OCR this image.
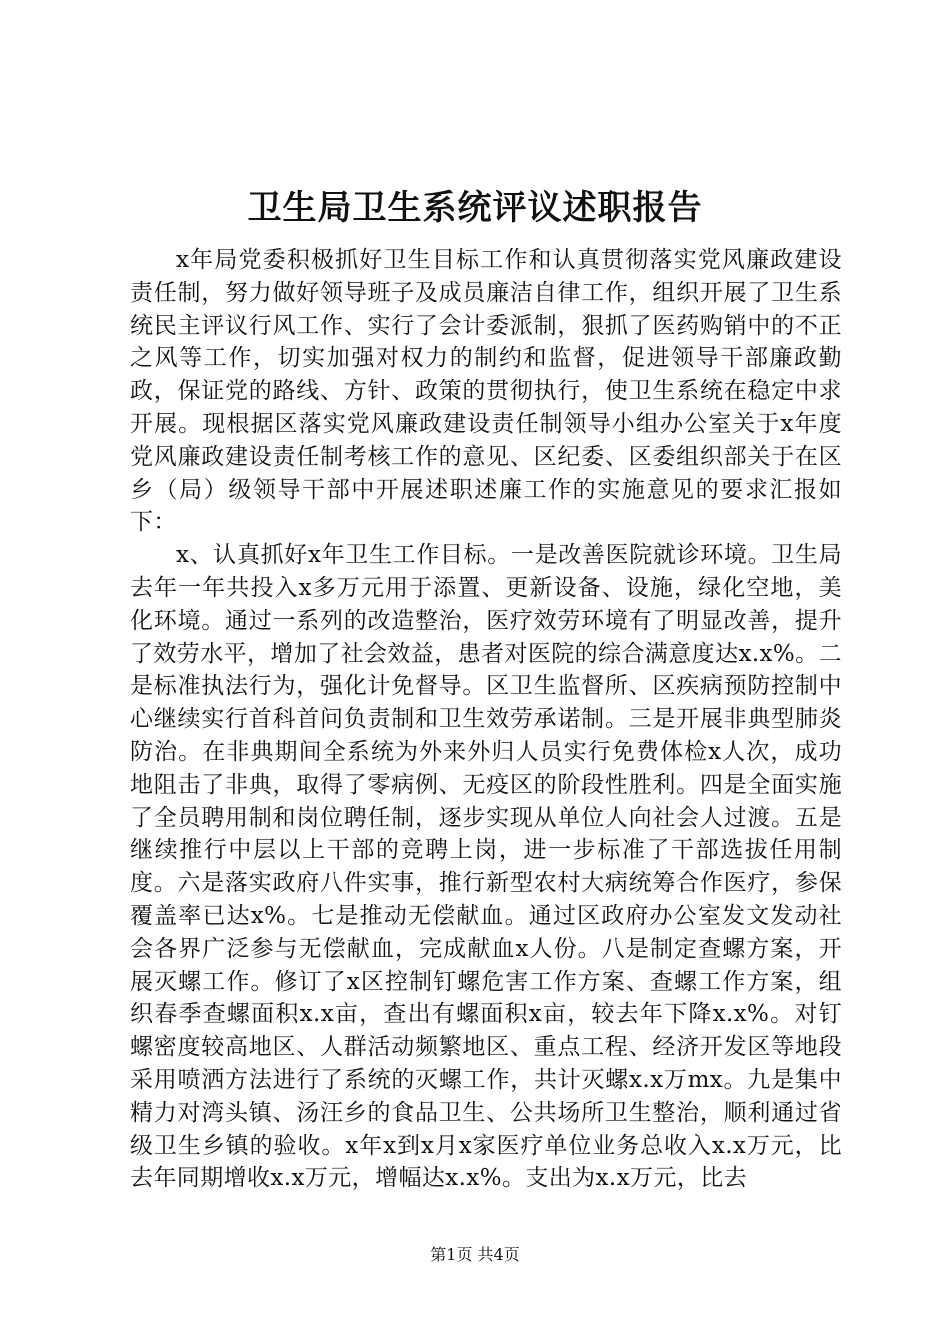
卫生局卫生系统评议述职报告

x年局党委积极抓好卫生目标工作和认真贯彻落实党风廉政建设责任制，努力做好领导班子及成员廉洁自律工作，组织开展了卫生系统民主评议行风工作、实行了会计委派制，狠抓了医药购销中的不正之风等工作，切实加强对权力的制约和监督，促进领导干部廉政勤政，保证党的路线、方针、政策的贯彻执行，使卫生系统在稳定中求开展。现根据区落实党风廉政建设责任制领导小组办公室关于x年度党风廉政建设责任制考核工作的意见、区纪委、区委组织部关于在区乡（局）级领导干部中开展述职述廉工作的实施意见的要求汇报如下：

x、认真抓好x年卫生工作目标。一是改善医院就诊环境。卫生局去年一年共投入x多万元用于添置、更新设备、设施，绿化空地，美化环境。通过一系列的改造整治，医疗效劳环境有了明显改善，提升了效劳水平，增加了社会效益，患者对医院的综合满意度达x.x%。二是标准执法行为，强化计免督导。区卫生监督所、区疾病预防控制中心继续实行首科首问负责制和卫生效劳承诺制。三是开展非典型肺炎防治。在非典期间全系统为外来外归人员实行免费体检x人次，成功地阻击了非典，取得了零病例、无疫区的阶段性胜利。四是全面实施了全员聘用制和岗位聘任制，逐步实现从单位人向社会人过渡。五是继续推行中层以上干部的竞聘上岗，进一步标准了干部选拔任用制度。六是落实政府八件实事，推行新型农村大病统筹合作医疗，参保覆盖率已达x%。七是推动无偿献血。通过区政府办公室发文发动社会各界广泛参与无偿献血，完成献血x人份。八是制定查螺方案，开展灭螺工作。修订了x区控制钉螺危害工作方案、查螺工作方案，组织春季查螺面积x.x亩，查出有螺面积x亩，较去年下降x.x%。对钉螺密度较高地区、人群活动频繁地区、重点工程、经济开发区等地段采用喷洒方法进行了系统的灭螺工作，共计灭螺x.x万mx。九是集中精力对湾头镇、汤汪乡的食品卫生、公共场所卫生整治，顺利通过省级卫生乡镇的验收。x年x到x月x家医疗单位业务总收入x.x万元，比去年同期增收x.x万元，增幅达x.x%。支出为x.x万元，比去

第1页 共4页
